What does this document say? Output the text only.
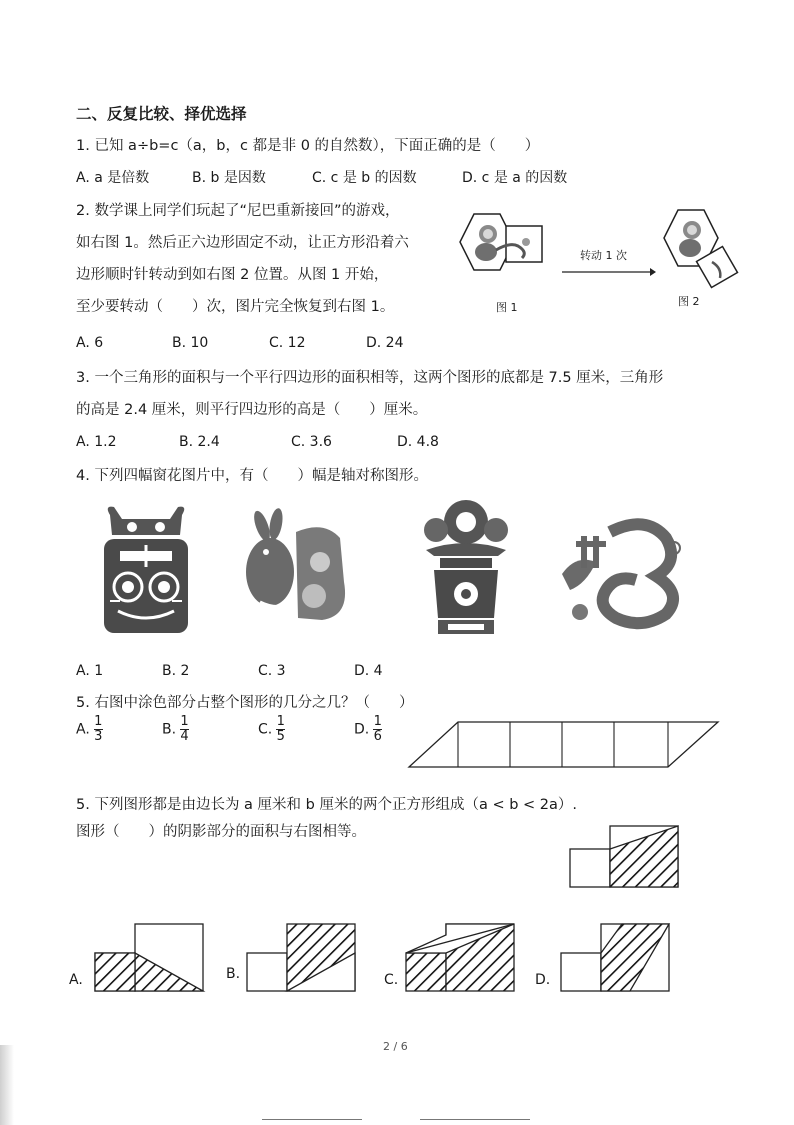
二、反复比较、择优选择
1. 已知 a÷b=c（a，b，c 都是非 0 的自然数），下面正确的是（　　）
A. a 是倍数	B. b 是因数	C. c 是 b 的因数	D. c 是 a 的因数
2. 数学课上同学们玩起了“尼巴重新接回”的游戏，
如右图 1。然后正六边形固定不动，让正方形沿着六
边形顺时针转动到如右图 2 位置。从图 1 开始，
至少要转动（　　）次，图片完全恢复到右图 1。
A. 6	B. 10	C. 12	D. 24
图 1
转动 1 次
图 2
3. 一个三角形的面积与一个平行四边形的面积相等，这两个图形的底都是 7.5 厘米，三角形
的高是 2.4 厘米，则平行四边形的高是（　　）厘米。
A. 1.2	B. 2.4	C. 3.6	D. 4.8
4. 下列四幅窗花图片中，有（　　）幅是轴对称图形。
A. 1	B. 2	C. 3	D. 4
5. 右图中涂色部分占整个图形的几分之几？（　　）
A. $\frac{1}{3}$	B. $\frac{1}{4}$	C. $\frac{1}{5}$	D. $\frac{1}{6}$
5. 下列图形都是由边长为 a 厘米和 b 厘米的两个正方形组成（a < b < 2a）.
图形（　　）的阴影部分的面积与右图相等。
A.	B.	C.	D.
2 / 6
